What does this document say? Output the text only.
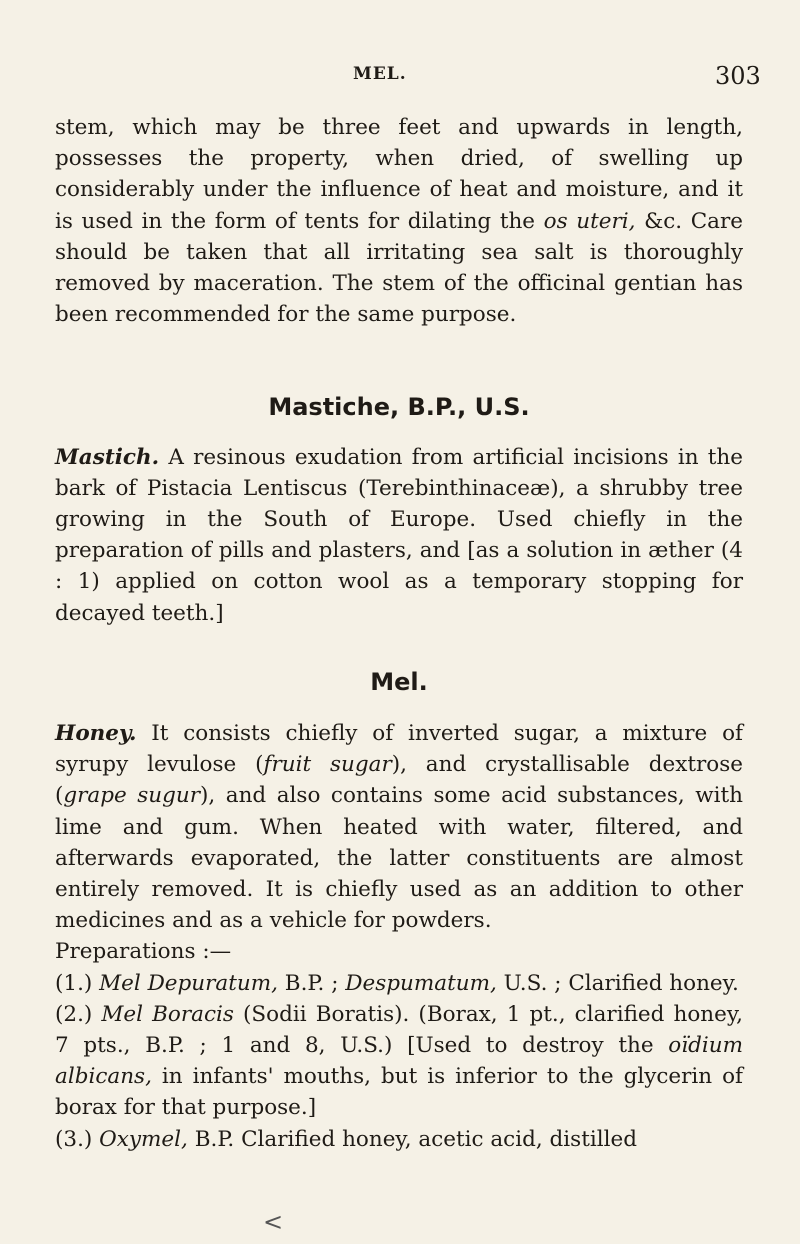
MEL.	303

stem, which may be three feet and upwards in length, possesses the property, when dried, of swelling up considerably under the influence of heat and moisture, and it is used in the form of tents for dilating the os uteri, &c. Care should be taken that all irritating sea salt is thoroughly removed by maceration. The stem of the officinal gentian has been recommended for the same purpose.

Mastiche, B.P., U.S.

Mastich. A resinous exudation from artificial incisions in the bark of Pistacia Lentiscus (Terebinthinaceæ), a shrubby tree growing in the South of Europe. Used chiefly in the preparation of pills and plasters, and [as a solution in æther (4 : 1) applied on cotton wool as a temporary stopping for decayed teeth.]

Mel.

Honey. It consists chiefly of inverted sugar, a mixture of syrupy levulose (fruit sugar), and crystallisable dextrose (grape sugur), and also contains some acid substances, with lime and gum. When heated with water, filtered, and afterwards evaporated, the latter constituents are almost entirely removed. It is chiefly used as an addition to other medicines and as a vehicle for powders.

Preparations :—

(1.) Mel Depuratum, B.P. ; Despumatum, U.S. ; Clarified honey.

(2.) Mel Boracis (Sodii Boratis). (Borax, 1 pt., clarified honey, 7 pts., B.P. ; 1 and 8, U.S.) [Used to destroy the oïdium albicans, in infants' mouths, but is inferior to the glycerin of borax for that purpose.]

(3.) Oxymel, B.P. Clarified honey, acetic acid, distilled

<
